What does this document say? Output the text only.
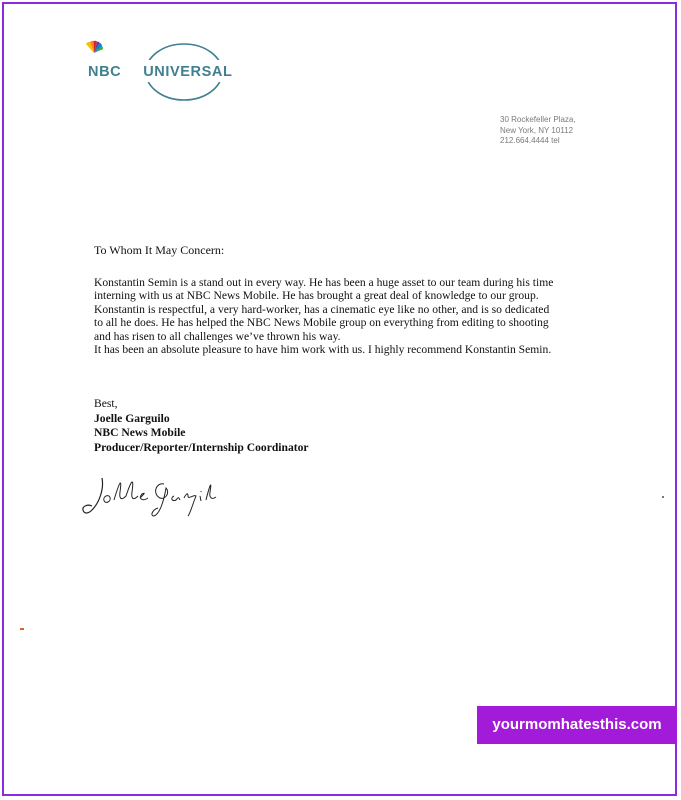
NBC UNIVERSAL
30 Rockefeller Plaza,
New York, NY 10112
212.664.4444 tel
To Whom It May Concern:

Konstantin Semin is a stand out in every way. He has been a huge asset to our team during his time interning with us at NBC News Mobile. He has brought a great deal of knowledge to our group. Konstantin is respectful, a very hard-worker, has a cinematic eye like no other, and is so dedicated to all he does. He has helped the NBC News Mobile group on everything from editing to shooting and has risen to all challenges we’ve thrown his way.

It has been an absolute pleasure to have him work with us. I highly recommend Konstantin Semin.

Best,
Joelle Garguilo
NBC News Mobile
Producer/Reporter/Internship Coordinator
yourmomhatesthis.com
